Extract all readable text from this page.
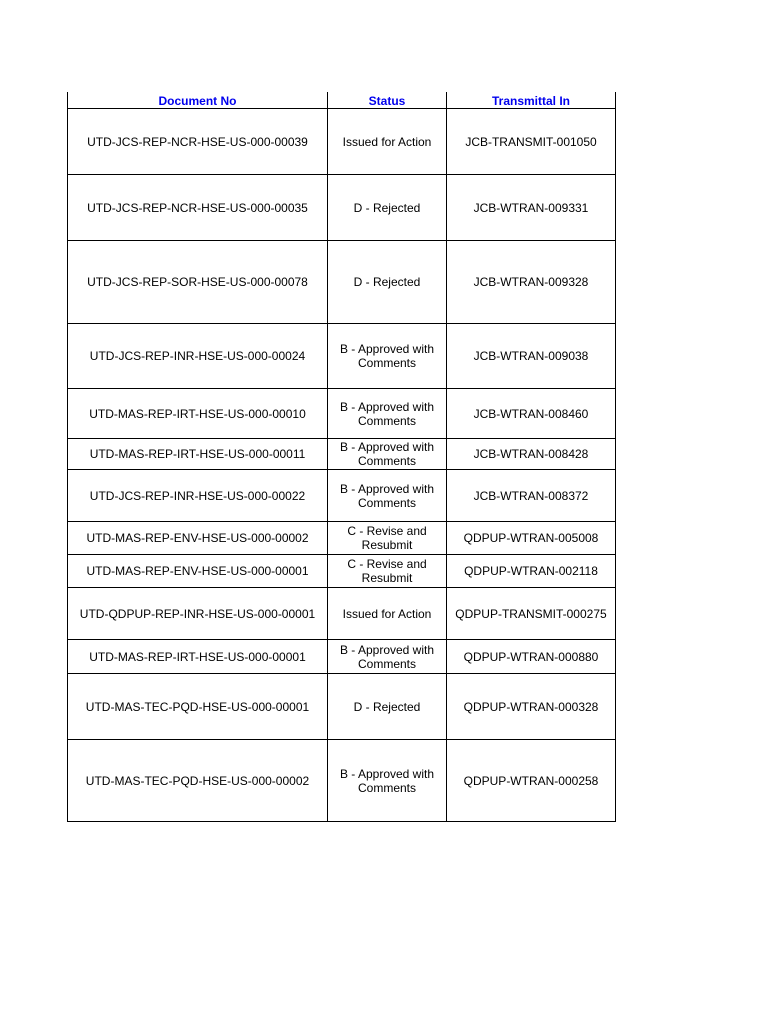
Document No	Status	Transmittal In
UTD-JCS-REP-NCR-HSE-US-000-00039	Issued for Action	JCB-TRANSMIT-001050
UTD-JCS-REP-NCR-HSE-US-000-00035	D - Rejected	JCB-WTRAN-009331
UTD-JCS-REP-SOR-HSE-US-000-00078	D - Rejected	JCB-WTRAN-009328
UTD-JCS-REP-INR-HSE-US-000-00024	B - Approved with Comments	JCB-WTRAN-009038
UTD-MAS-REP-IRT-HSE-US-000-00010	B - Approved with Comments	JCB-WTRAN-008460
UTD-MAS-REP-IRT-HSE-US-000-00011	B - Approved with Comments	JCB-WTRAN-008428
UTD-JCS-REP-INR-HSE-US-000-00022	B - Approved with Comments	JCB-WTRAN-008372
UTD-MAS-REP-ENV-HSE-US-000-00002	C - Revise and Resubmit	QDPUP-WTRAN-005008
UTD-MAS-REP-ENV-HSE-US-000-00001	C - Revise and Resubmit	QDPUP-WTRAN-002118
UTD-QDPUP-REP-INR-HSE-US-000-00001	Issued for Action	QDPUP-TRANSMIT-000275
UTD-MAS-REP-IRT-HSE-US-000-00001	B - Approved with Comments	QDPUP-WTRAN-000880
UTD-MAS-TEC-PQD-HSE-US-000-00001	D - Rejected	QDPUP-WTRAN-000328
UTD-MAS-TEC-PQD-HSE-US-000-00002	B - Approved with Comments	QDPUP-WTRAN-000258
